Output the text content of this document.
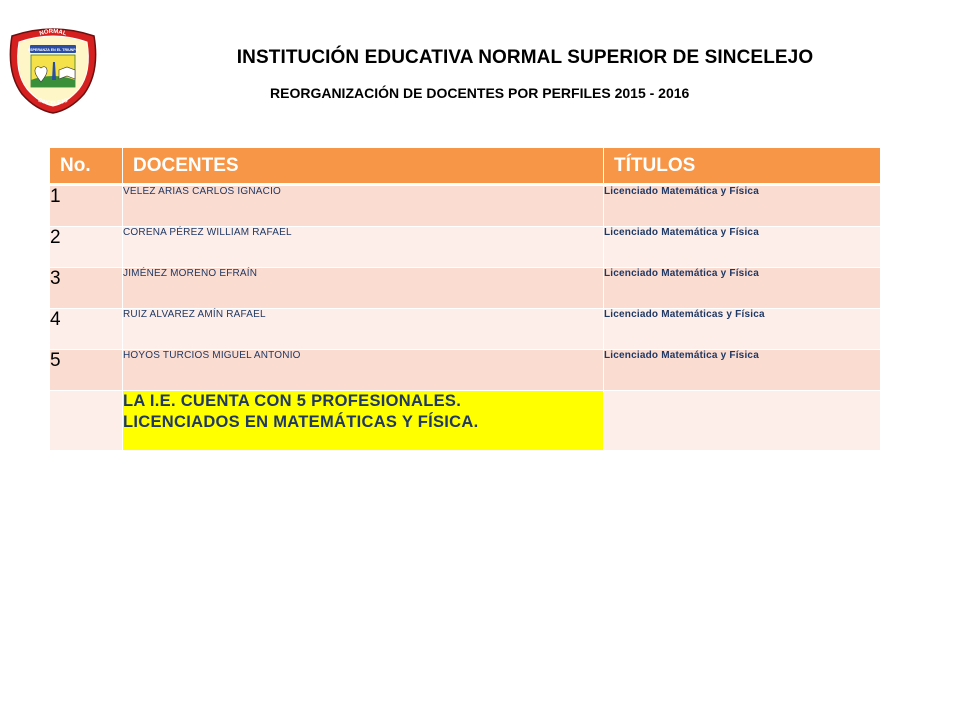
NORMAL
SINCELEJO
ESPERANZA EN EL TRIUNFO	INSTITUCIÓN EDUCATIVA NORMAL SUPERIOR DE SINCELEJO
REORGANIZACIÓN DE DOCENTES POR PERFILES 2015 - 2016
No.	DOCENTES	TÍTULOS
1	VELEZ ARIAS CARLOS IGNACIO	Licenciado Matemática y Física
2	CORENA PÉREZ WILLIAM RAFAEL	Licenciado Matemática y Física
3	JIMÉNEZ MORENO EFRAÍN	Licenciado Matemática y Física
4	RUIZ ALVAREZ AMÍN RAFAEL	Licenciado Matemáticas y Física
5	HOYOS TURCIOS MIGUEL ANTONIO	Licenciado Matemática y Física

	LA I.E. CUENTA CON 5 PROFESIONALES.
LICENCIADOS EN MATEMÁTICAS Y FÍSICA.	
